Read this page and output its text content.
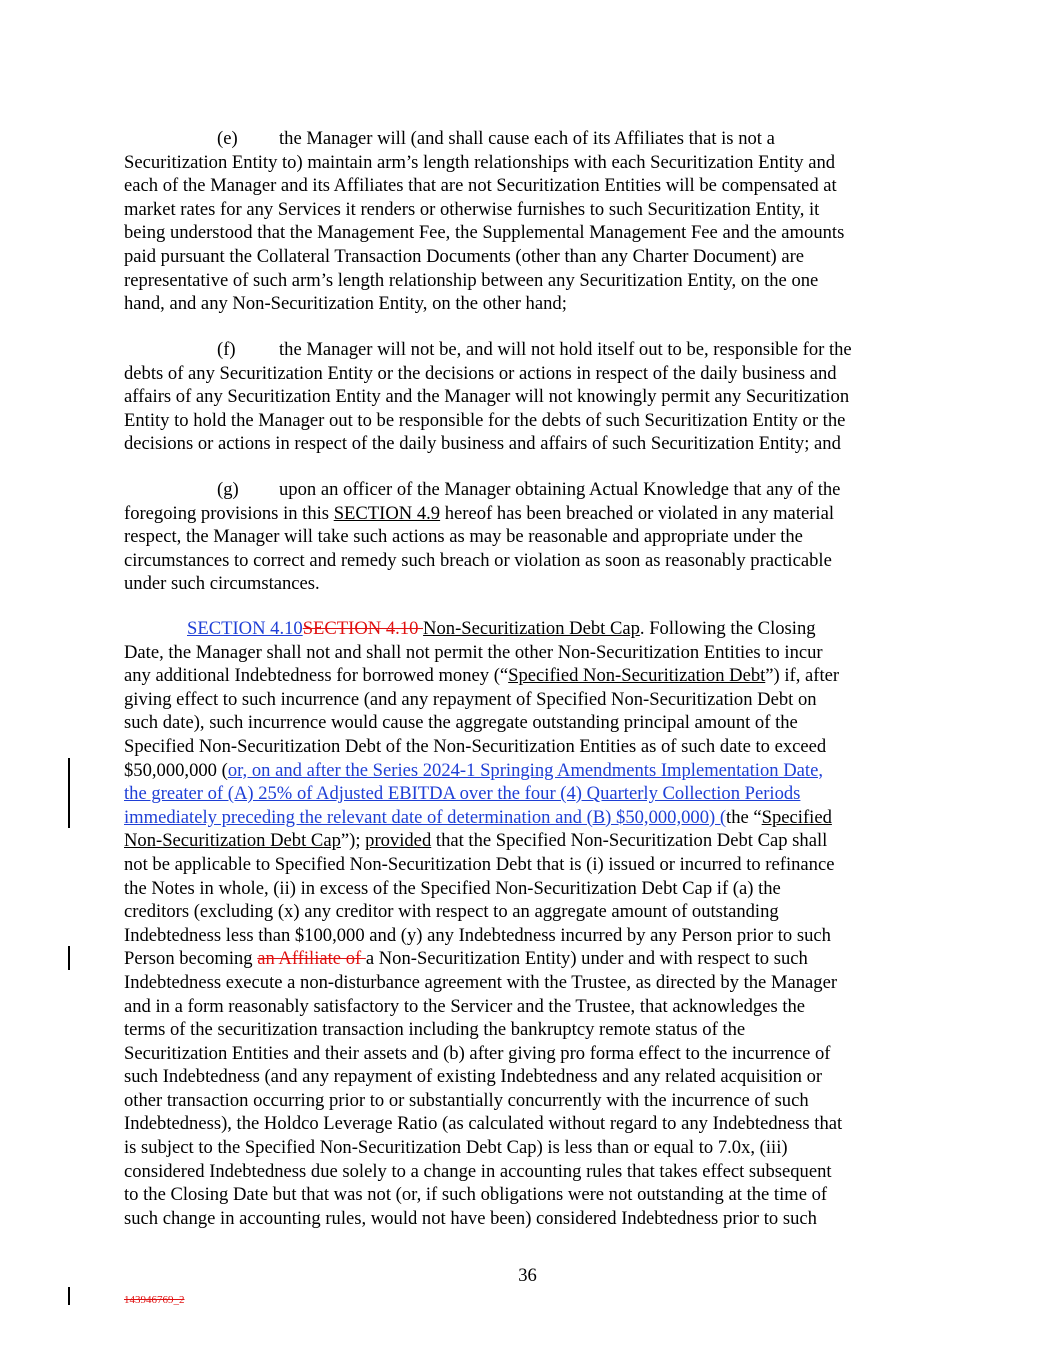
(e) the Manager will (and shall cause each of its Affiliates that is not a
Securitization Entity to) maintain arm’s length relationships with each Securitization Entity and
each of the Manager and its Affiliates that are not Securitization Entities will be compensated at
market rates for any Services it renders or otherwise furnishes to such Securitization Entity, it
being understood that the Management Fee, the Supplemental Management Fee and the amounts
paid pursuant the Collateral Transaction Documents (other than any Charter Document) are
representative of such arm’s length relationship between any Securitization Entity, on the one
hand, and any Non-Securitization Entity, on the other hand;
(f) the Manager will not be, and will not hold itself out to be, responsible for the
debts of any Securitization Entity or the decisions or actions in respect of the daily business and
affairs of any Securitization Entity and the Manager will not knowingly permit any Securitization
Entity to hold the Manager out to be responsible for the debts of such Securitization Entity or the
decisions or actions in respect of the daily business and affairs of such Securitization Entity; and
(g) upon an officer of the Manager obtaining Actual Knowledge that any of the
foregoing provisions in this SECTION 4.9 hereof has been breached or violated in any material
respect, the Manager will take such actions as may be reasonable and appropriate under the
circumstances to correct and remedy such breach or violation as soon as reasonably practicable
under such circumstances.
SECTION 4.10SECTION 4.10 Non-Securitization Debt Cap. Following the Closing
Date, the Manager shall not and shall not permit the other Non-Securitization Entities to incur
any additional Indebtedness for borrowed money (“Specified Non-Securitization Debt”) if, after
giving effect to such incurrence (and any repayment of Specified Non-Securitization Debt on
such date), such incurrence would cause the aggregate outstanding principal amount of the
Specified Non-Securitization Debt of the Non-Securitization Entities as of such date to exceed
$50,000,000 (or, on and after the Series 2024-1 Springing Amendments Implementation Date,
the greater of (A) 25% of Adjusted EBITDA over the four (4) Quarterly Collection Periods
immediately preceding the relevant date of determination and (B) $50,000,000) (the “Specified
Non-Securitization Debt Cap”); provided that the Specified Non-Securitization Debt Cap shall
not be applicable to Specified Non-Securitization Debt that is (i) issued or incurred to refinance
the Notes in whole, (ii) in excess of the Specified Non-Securitization Debt Cap if (a) the
creditors (excluding (x) any creditor with respect to an aggregate amount of outstanding
Indebtedness less than $100,000 and (y) any Indebtedness incurred by any Person prior to such
Person becoming an Affiliate of a Non-Securitization Entity) under and with respect to such
Indebtedness execute a non-disturbance agreement with the Trustee, as directed by the Manager
and in a form reasonably satisfactory to the Servicer and the Trustee, that acknowledges the
terms of the securitization transaction including the bankruptcy remote status of the
Securitization Entities and their assets and (b) after giving pro forma effect to the incurrence of
such Indebtedness (and any repayment of existing Indebtedness and any related acquisition or
other transaction occurring prior to or substantially concurrently with the incurrence of such
Indebtedness), the Holdco Leverage Ratio (as calculated without regard to any Indebtedness that
is subject to the Specified Non-Securitization Debt Cap) is less than or equal to 7.0x, (iii)
considered Indebtedness due solely to a change in accounting rules that takes effect subsequent
to the Closing Date but that was not (or, if such obligations were not outstanding at the time of
such change in accounting rules, would not have been) considered Indebtedness prior to such
36
143946769_2
